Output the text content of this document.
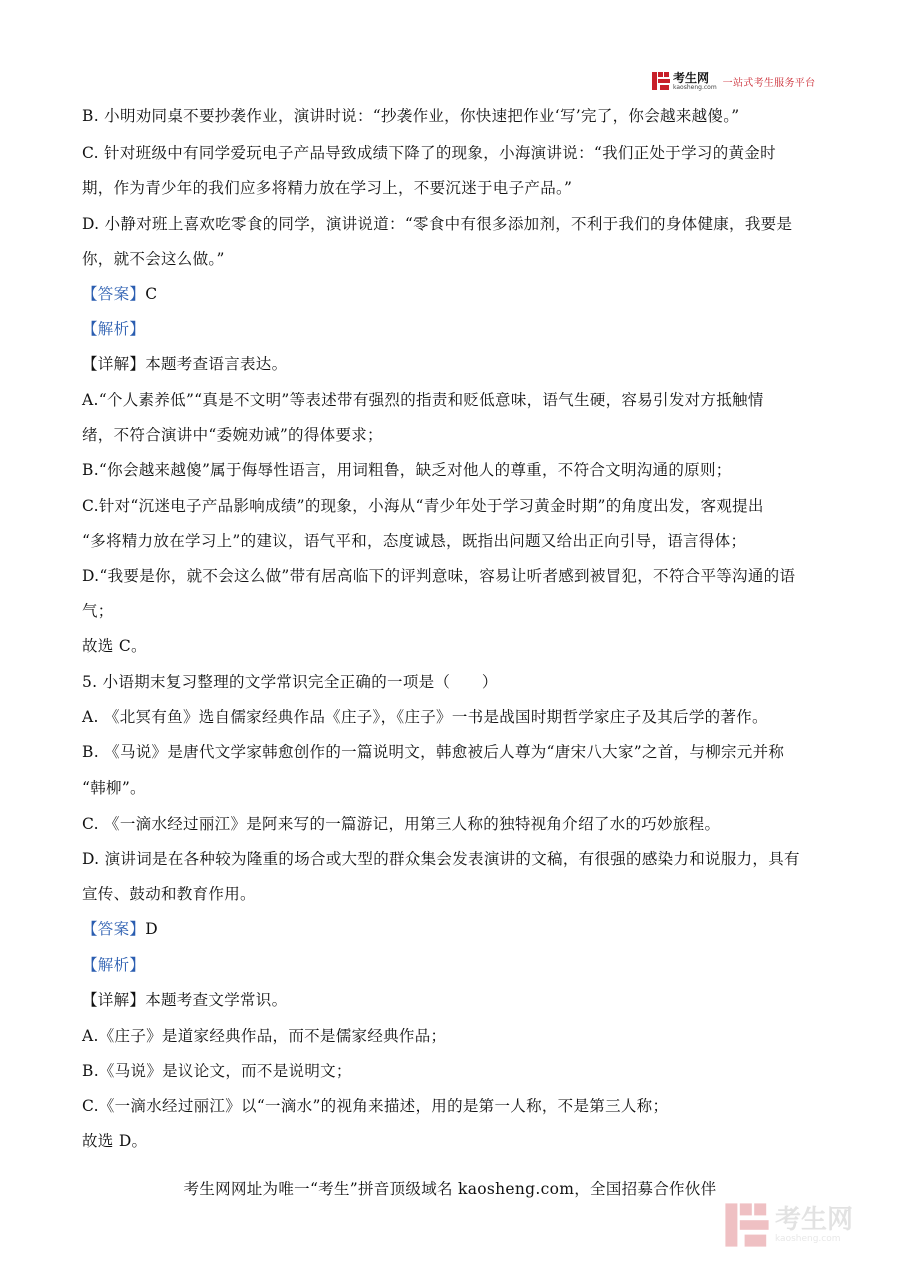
考生网
kaosheng.com 一站式考生服务平台

B. 小明劝同桌不要抄袭作业，演讲时说：“抄袭作业，你快速把作业‘写’完了，你会越来越傻。”

C. 针对班级中有同学爱玩电子产品导致成绩下降了的现象，小海演讲说：“我们正处于学习的黄金时

期，作为青少年的我们应多将精力放在学习上，不要沉迷于电子产品。”

D. 小静对班上喜欢吃零食的同学，演讲说道：“零食中有很多添加剂，不利于我们的身体健康，我要是

你，就不会这么做。”

【答案】C

【解析】

【详解】本题考查语言表达。

A.“个人素养低”“真是不文明”等表述带有强烈的指责和贬低意味，语气生硬，容易引发对方抵触情

绪，不符合演讲中“委婉劝诫”的得体要求；

B.“你会越来越傻”属于侮辱性语言，用词粗鲁，缺乏对他人的尊重，不符合文明沟通的原则；

C.针对“沉迷电子产品影响成绩”的现象，小海从“青少年处于学习黄金时期”的角度出发，客观提出

“多将精力放在学习上”的建议，语气平和，态度诚恳，既指出问题又给出正向引导，语言得体；

D.“我要是你，就不会这么做”带有居高临下的评判意味，容易让听者感到被冒犯，不符合平等沟通的语

气；

故选 C。

5. 小语期末复习整理的文学常识完全正确的一项是（　　）

A. 《北冥有鱼》选自儒家经典作品《庄子》，《庄子》一书是战国时期哲学家庄子及其后学的著作。

B. 《马说》是唐代文学家韩愈创作的一篇说明文，韩愈被后人尊为“唐宋八大家”之首，与柳宗元并称

“韩柳”。

C. 《一滴水经过丽江》是阿来写的一篇游记，用第三人称的独特视角介绍了水的巧妙旅程。

D. 演讲词是在各种较为隆重的场合或大型的群众集会发表演讲的文稿，有很强的感染力和说服力，具有

宣传、鼓动和教育作用。

【答案】D

【解析】

【详解】本题考查文学常识。

A.《庄子》是道家经典作品，而不是儒家经典作品；

B.《马说》是议论文，而不是说明文；

C.《一滴水经过丽江》以“一滴水”的视角来描述，用的是第一人称，不是第三人称；

故选 D。

考生网网址为唯一“考生”拼音顶级域名 kaosheng.com，全国招募合作伙伴
考生网
kaosheng.com
